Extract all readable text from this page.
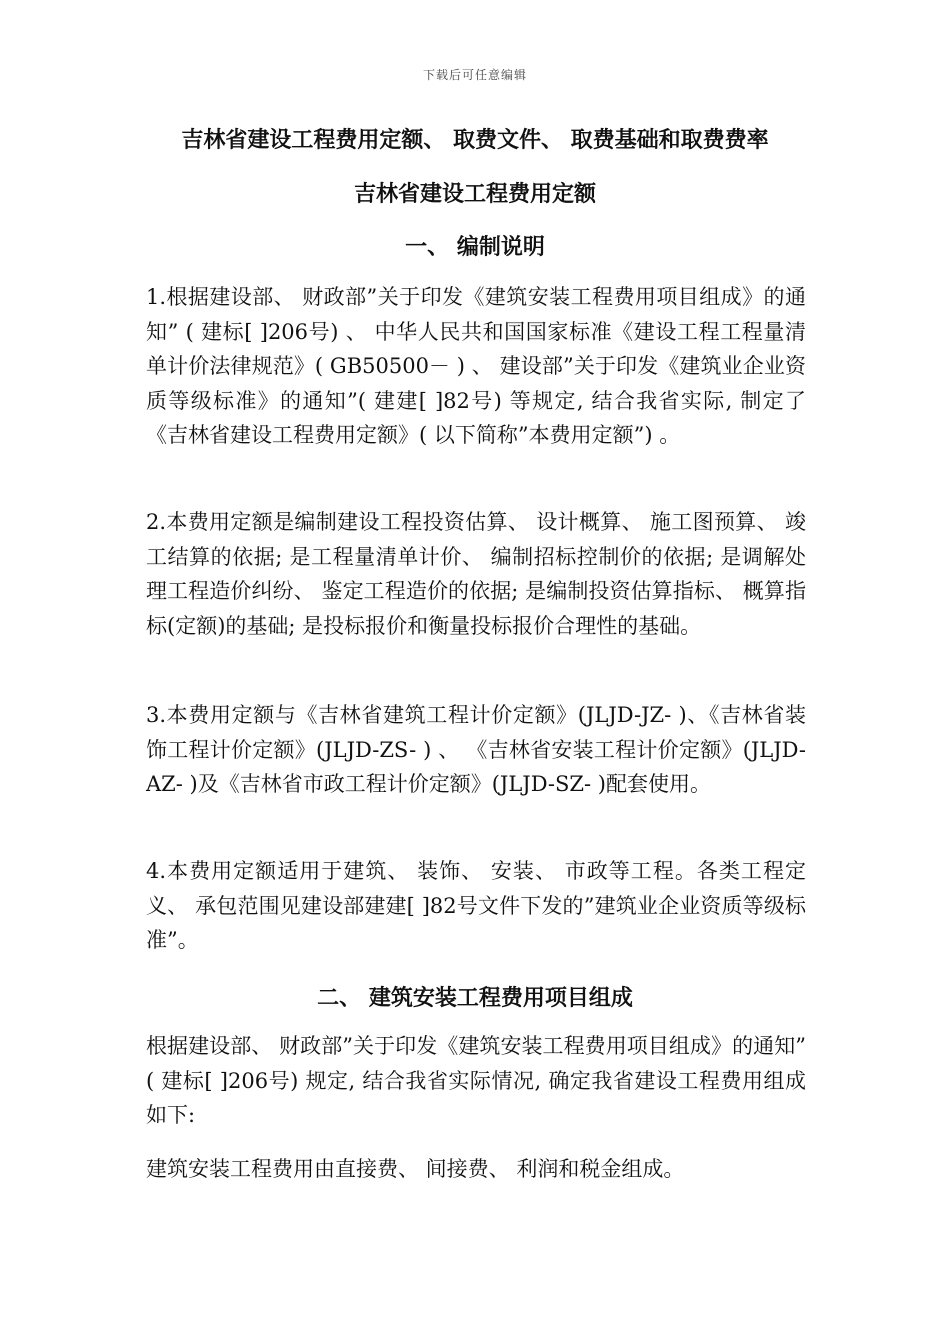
下载后可任意编辑
吉林省建设工程费用定额、 取费文件、 取费基础和取费费率
吉林省建设工程费用定额
一、 编制说明
1.根据建设部、 财政部”关于印发《建筑安装工程费用项目组成》的通知” ( 建标[ ]206号) 、 中华人民共和国国家标准《建设工程工程量清单计价法律规范》( GB50500－ ) 、 建设部”关于印发《建筑业企业资质等级标准》的通知”( 建建[ ]82号) 等规定, 结合我省实际, 制定了《吉林省建设工程费用定额》( 以下简称”本费用定额”) 。
2.本费用定额是编制建设工程投资估算、 设计概算、 施工图预算、 竣工结算的依据; 是工程量清单计价、 编制招标控制价的依据; 是调解处理工程造价纠纷、 鉴定工程造价的依据; 是编制投资估算指标、 概算指标(定额)的基础; 是投标报价和衡量投标报价合理性的基础。
3.本费用定额与《吉林省建筑工程计价定额》(JLJD-JZ- )、《吉林省装饰工程计价定额》(JLJD-ZS- ) 、 《吉林省安装工程计价定额》(JLJD-AZ- )及《吉林省市政工程计价定额》(JLJD-SZ- )配套使用。
4.本费用定额适用于建筑、 装饰、 安装、 市政等工程。各类工程定义、 承包范围见建设部建建[ ]82号文件下发的”建筑业企业资质等级标准”。
二、 建筑安装工程费用项目组成
根据建设部、 财政部”关于印发《建筑安装工程费用项目组成》的通知” ( 建标[ ]206号) 规定, 结合我省实际情况, 确定我省建设工程费用组成如下:
建筑安装工程费用由直接费、 间接费、 利润和税金组成。
